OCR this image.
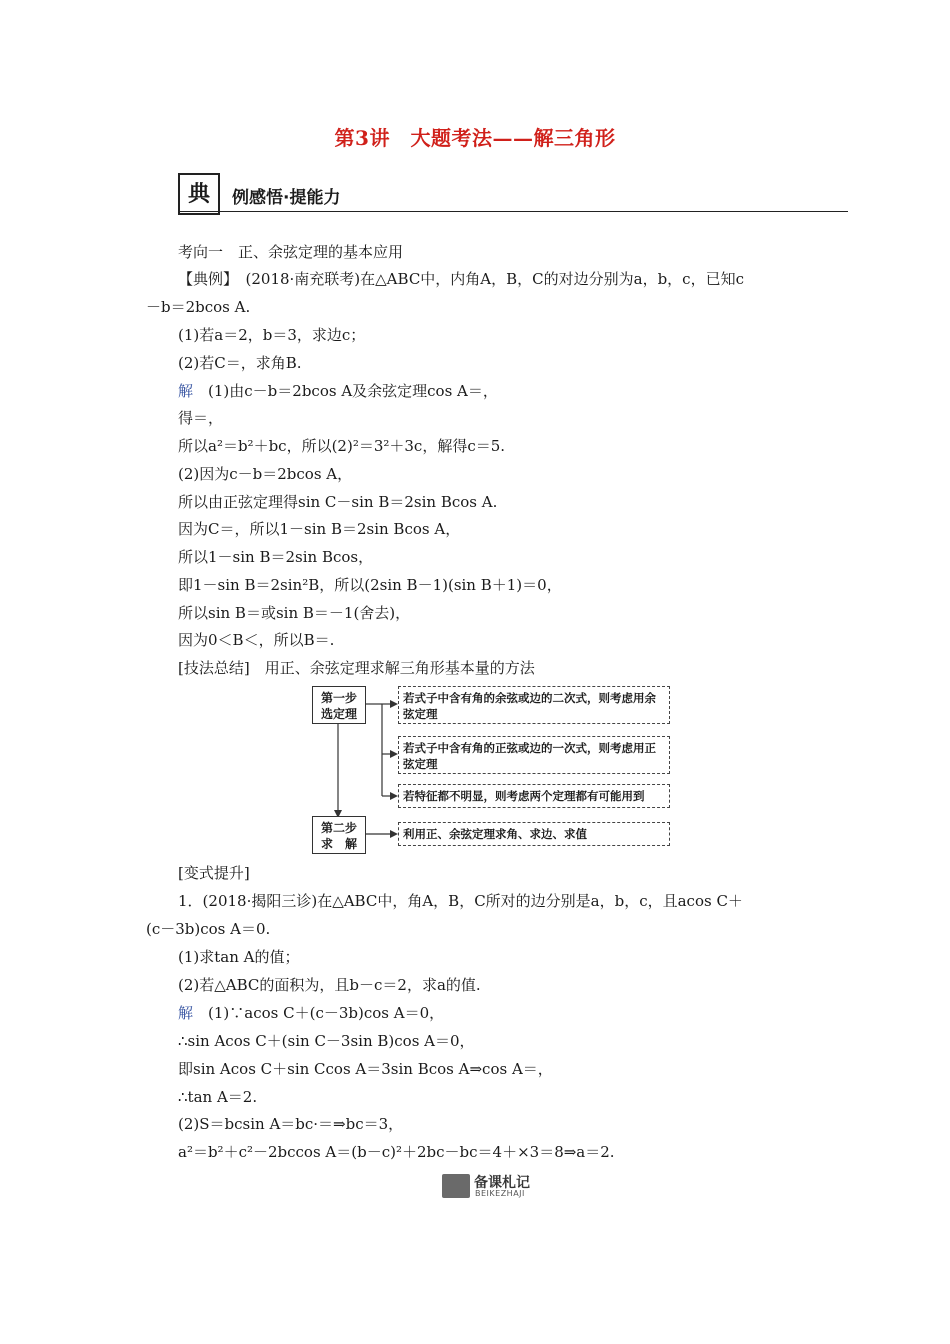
第3讲　大题考法——解三角形
典	例感悟·提能力
考向一　正、余弦定理的基本应用
【典例】　(2018·南充联考)在△ABC中，内角A，B，C的对边分别为a，b，c，已知c
－b＝2bcos A.
(1)若a＝2，b＝3，求边c；
(2)若C＝，求角B.
解　 (1)由c－b＝2bcos A及余弦定理cos A＝，
得＝，
所以a²＝b²＋bc，所以(2)²＝3²＋3c，解得c＝5.
(2)因为c－b＝2bcos A，
所以由正弦定理得sin C－sin B＝2sin Bcos A.
因为C＝，所以1－sin B＝2sin Bcos A，
所以1－sin B＝2sin Bcos，
即1－sin B＝2sin²B，所以(2sin B－1)(sin B＋1)＝0，
所以sin B＝或sin B＝－1(舍去)，
因为0＜B＜，所以B＝.
[技法总结]　用正、余弦定理求解三角形基本量的方法
第一步
选定理
第二步
求　解
若式子中含有角的余弦或边的二次式，则考虑用余弦定理
若式子中含有角的正弦或边的一次式，则考虑用正弦定理
若特征都不明显，则考虑两个定理都有可能用到
利用正、余弦定理求角、求边、求值
[变式提升]
1．(2018·揭阳三诊)在△ABC中，角A，B，C所对的边分别是a，b，c，且acos C＋
(c－3b)cos A＝0.
(1)求tan A的值；
(2)若△ABC的面积为，且b－c＝2，求a的值.
解　 (1)∵acos C＋(c－3b)cos A＝0，
∴sin Acos C＋(sin C－3sin B)cos A＝0，
即sin Acos C＋sin Ccos A＝3sin Bcos A⇒cos A＝，
∴tan A＝2.
(2)S＝bcsin A＝bc·＝⇒bc＝3，
a²＝b²＋c²－2bccos A＝(b－c)²＋2bc－bc＝4＋×3＝8⇒a＝2.
备课札记
BEIKEZHAJI
